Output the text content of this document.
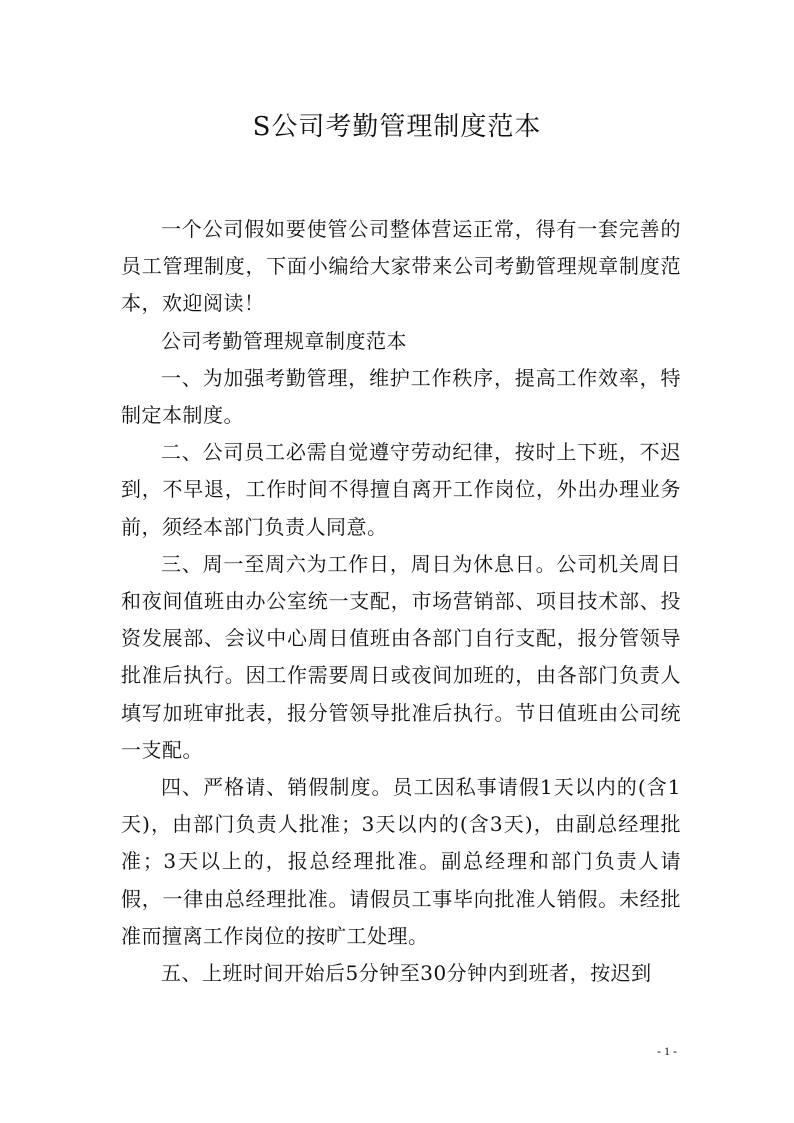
S公司考勤管理制度范本

一个公司假如要使管公司整体营运正常，得有一套完善的员工管理制度，下面小编给大家带来公司考勤管理规章制度范本，欢迎阅读！

公司考勤管理规章制度范本

一、为加强考勤管理，维护工作秩序，提高工作效率，特制定本制度。

二、公司员工必需自觉遵守劳动纪律，按时上下班，不迟到，不早退，工作时间不得擅自离开工作岗位，外出办理业务前，须经本部门负责人同意。

三、周一至周六为工作日，周日为休息日。公司机关周日和夜间值班由办公室统一支配，市场营销部、项目技术部、投资发展部、会议中心周日值班由各部门自行支配，报分管领导批准后执行。因工作需要周日或夜间加班的，由各部门负责人填写加班审批表，报分管领导批准后执行。节日值班由公司统一支配。

四、严格请、销假制度。员工因私事请假1天以内的(含1天)，由部门负责人批准；3天以内的(含3天)，由副总经理批准；3天以上的，报总经理批准。副总经理和部门负责人请假，一律由总经理批准。请假员工事毕向批准人销假。未经批准而擅离工作岗位的按旷工处理。

五、上班时间开始后5分钟至30分钟内到班者，按迟到

- 1 -
